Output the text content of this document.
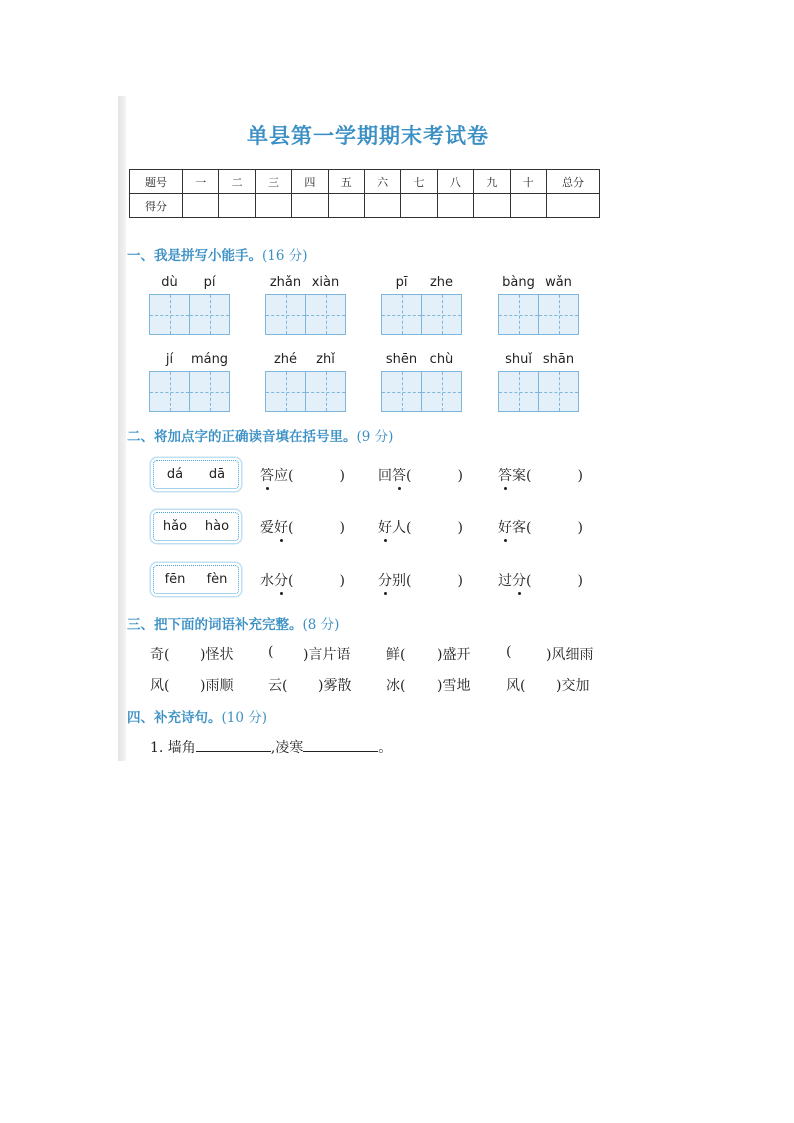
单县第一学期期末考试卷
题号	一	二	三	四	五	六	七	八	九	十	总分
得分											
一、我是拼写小能手。(16 分)
dù	pí	zhǎn xiàn	pī	zhe	bàng wǎn
jí	máng	zhé	zhǐ	shēn chù	shuǐ shān
二、将加点字的正确读音填在括号里。(9 分)
dá dā 答应(	) 回答(	)	答案(	)
hǎo hào 爱好(	) 好人(	)	好客(	)
fēn fèn 水分(	) 分别(	)	过分(	)
三、把下面的词语补充完整。(8 分)
奇( )怪状 ( )言片语	鲜( )盛开	( )风细雨
风( )雨顺 云( )雾散 冰( )雪地	风( )交加
四、补充诗句。(10 分)
1. 墙角	,凌寒	。
